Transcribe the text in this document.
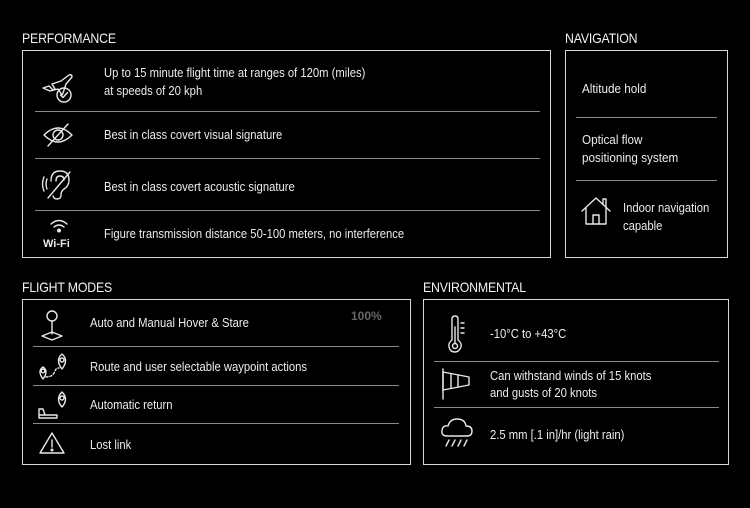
PERFORMANCE
Up to 15 minute flight time at ranges of 120m (miles)
at speeds of 20 kph
Best in class covert visual signature
Best in class covert acoustic signature
Wi-Fi
Figure transmission distance 50-100 meters, no interference
NAVIGATION
Altitude hold
Optical flow
positioning system
Indoor navigation
capable
FLIGHT MODES
100%
Auto and Manual Hover & Stare
Route and user selectable waypoint actions
Automatic return
Lost link
ENVIRONMENTAL
-10°C to +43°C
Can withstand winds of 15 knots
and gusts of 20 knots
2.5 mm [.1 in]/hr (light rain)
